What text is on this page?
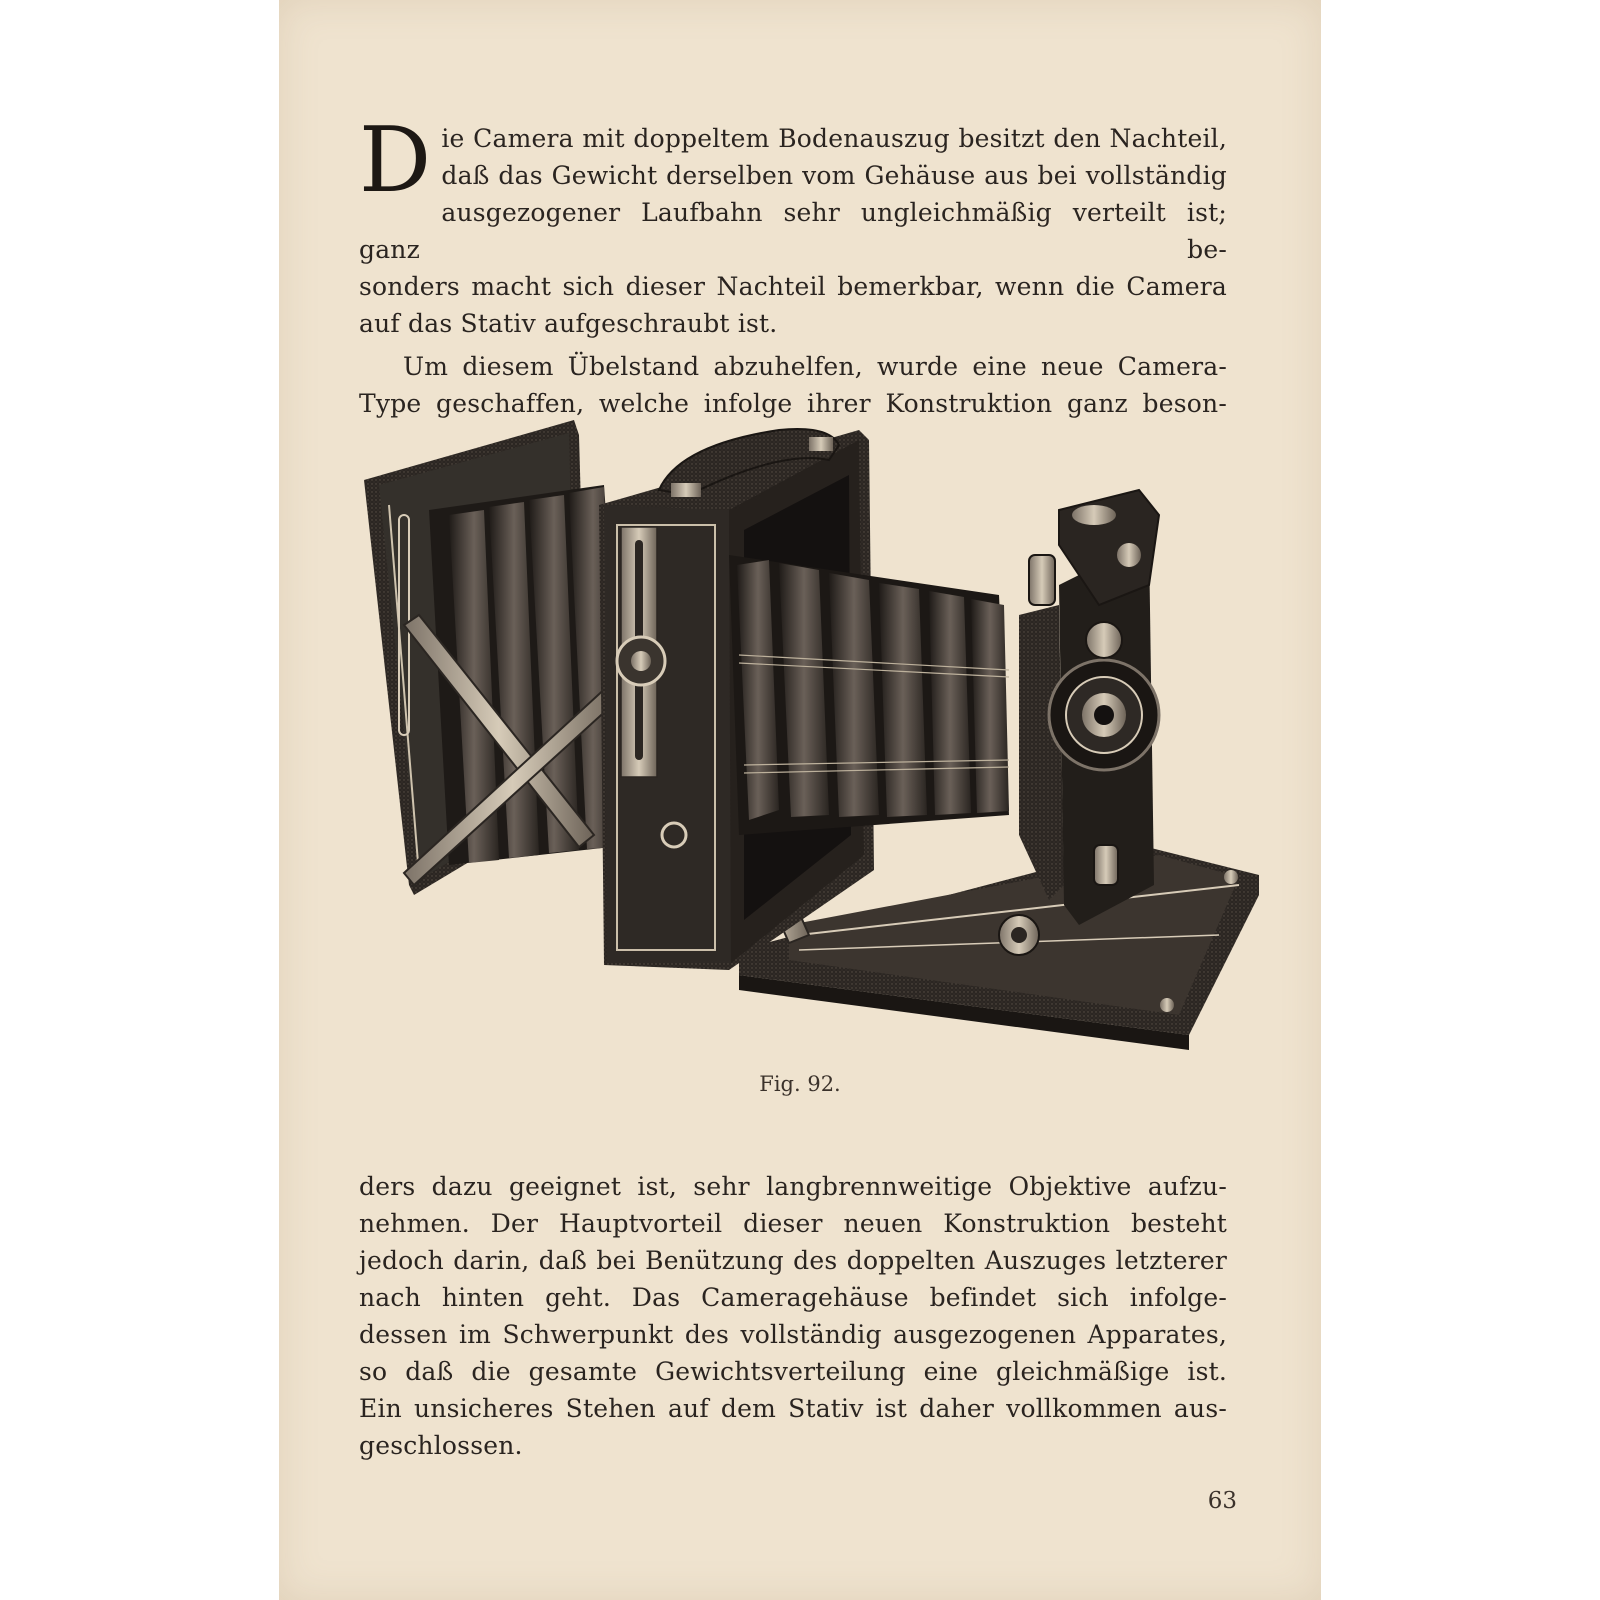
D ie Camera mit doppeltem Bodenauszug besitzt den Nachteil,
daß das Gewicht derselben vom Gehäuse aus bei vollständig
ausgezogener Laufbahn sehr ungleichmäßig verteilt ist; ganz be-
sonders macht sich dieser Nachteil bemerkbar, wenn die Camera
auf das Stativ aufgeschraubt ist.
Um diesem Übelstand abzuhelfen, wurde eine neue Camera-
Type geschaffen, welche infolge ihrer Konstruktion ganz beson-
Fig. 92.
ders dazu geeignet ist, sehr langbrennweitige Objektive aufzu-
nehmen. Der Hauptvorteil dieser neuen Konstruktion besteht
jedoch darin, daß bei Benützung des doppelten Auszuges letzterer
nach hinten geht. Das Cameragehäuse befindet sich infolge-
dessen im Schwerpunkt des vollständig ausgezogenen Apparates,
so daß die gesamte Gewichtsverteilung eine gleichmäßige ist.
Ein unsicheres Stehen auf dem Stativ ist daher vollkommen aus-
geschlossen.
63
